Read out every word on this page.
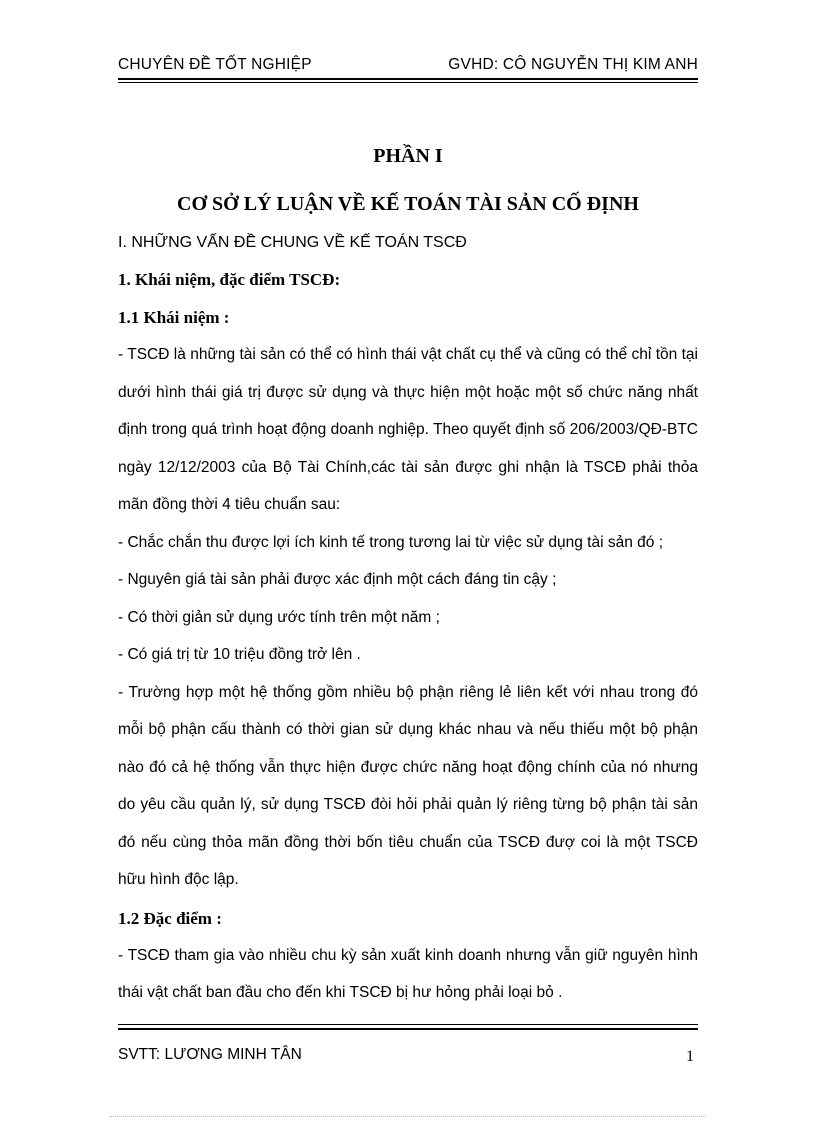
CHUYÊN ĐỀ TỐT NGHIỆP	GVHD: CÔ NGUYỄN THỊ KIM ANH
PHẦN I
CƠ SỞ LÝ LUẬN VỀ KẾ TOÁN TÀI SẢN CỐ ĐỊNH
I. NHỮNG VẤN ĐỀ CHUNG VỀ KẾ TOÁN TSCĐ
1. Khái niệm, đặc điểm TSCĐ:
1.1 Khái niệm :

- TSCĐ là những tài sản có thể có hình thái vật chất cụ thể và cũng có thể chỉ tồn tại dưới hình thái giá trị được sử dụng và thực hiện một hoặc một số chức năng nhất định trong quá trình hoạt động doanh nghiệp. Theo quyết định số 206/2003/QĐ-BTC ngày 12/12/2003 của Bộ Tài Chính,các tài sản được ghi nhận là TSCĐ phải thỏa mãn đồng thời 4 tiêu chuẩn sau:

- Chắc chắn thu được lợi ích kinh tế trong tương lai từ việc sử dụng tài sản đó ;

- Nguyên giá tài sản phải được xác định một cách đáng tin cậy ;

- Có thời giản sử dụng ước tính trên một năm ;

- Có giá trị từ 10 triệu đồng trở lên .

- Trường hợp một hệ thống gồm nhiều bộ phận riêng lẻ liên kết với nhau trong đó mỗi bộ phận cấu thành có thời gian sử dụng khác nhau và nếu thiếu một bộ phận nào đó cả hệ thống vẫn thực hiện được chức năng hoạt động chính của nó nhưng do yêu cầu quản lý, sử dụng TSCĐ đòi hỏi phải quản lý riêng từng bộ phận tài sản đó nếu cùng thỏa mãn đồng thời bốn tiêu chuẩn của TSCĐ đượ coi là một TSCĐ hữu hình độc lập.

1.2 Đặc điểm :

- TSCĐ tham gia vào nhiều chu kỳ sản xuất kinh doanh nhưng vẫn giữ nguyên hình thái vật chất ban đầu cho đến khi TSCĐ bị hư hỏng phải loại bỏ .

SVTT: LƯƠNG MINH TÂN	1
